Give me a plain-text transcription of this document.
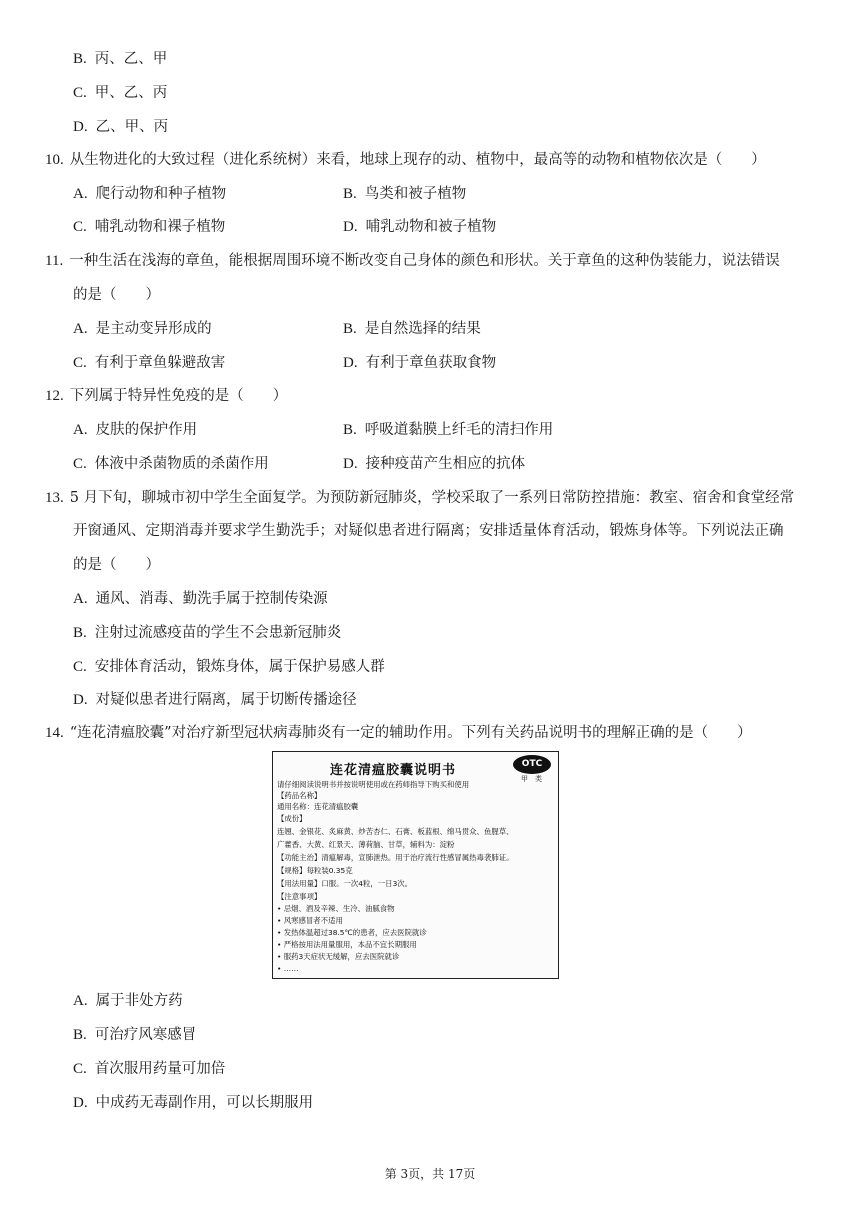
B. 丙、乙、甲
C. 甲、乙、丙
D. 乙、甲、丙
10. 从生物进化的大致过程（进化系统树）来看，地球上现存的动、植物中，最高等的动物和植物依次是（　　）
A. 爬行动物和种子植物	B. 鸟类和被子植物
C. 哺乳动物和裸子植物	D. 哺乳动物和被子植物
11. 一种生活在浅海的章鱼，能根据周围环境不断改变自己身体的颜色和形状。关于章鱼的这种伪装能力，说法错误
的是（　　）
A. 是主动变异形成的	B. 是自然选择的结果
C. 有利于章鱼躲避敌害	D. 有利于章鱼获取食物
12. 下列属于特异性免疫的是（　　）
A. 皮肤的保护作用	B. 呼吸道黏膜上纤毛的清扫作用
C. 体液中杀菌物质的杀菌作用	D. 接种疫苗产生相应的抗体
13. 5 月下旬，聊城市初中学生全面复学。为预防新冠肺炎，学校采取了一系列日常防控措施：教室、宿舍和食堂经常
开窗通风、定期消毒并要求学生勤洗手；对疑似患者进行隔离；安排适量体育活动，锻炼身体等。下列说法正确
的是（　　）
A. 通风、消毒、勤洗手属于控制传染源
B. 注射过流感疫苗的学生不会患新冠肺炎
C. 安排体育活动，锻炼身体，属于保护易感人群
D. 对疑似患者进行隔离，属于切断传播途径
14. “连花清瘟胶囊”对治疗新型冠状病毒肺炎有一定的辅助作用。下列有关药品说明书的理解正确的是（　　）
连花清瘟胶囊说明书	OTC
甲　类
请仔细阅读说明书并按说明使用或在药师指导下购买和使用
【药品名称】
通用名称：连花清瘟胶囊
【成份】
连翘、金银花、炙麻黄、炒苦杏仁、石膏、板蓝根、绵马贯众、鱼腥草、
广藿香、大黄、红景天、薄荷脑、甘草，辅料为：淀粉
【功能主治】清瘟解毒，宣肺泄热。用于治疗流行性感冒属热毒袭肺证。
【规格】每粒装0.35克
【用法用量】口服。一次4粒，一日3次。
【注意事项】
• 忌烟、酒及辛辣、生冷、油腻食物
• 风寒感冒者不适用
• 发热体温超过38.5℃的患者，应去医院就诊
• 严格按用法用量服用，本品不宜长期服用
• 服药3天症状无缓解，应去医院就诊
• ……
A. 属于非处方药
B. 可治疗风寒感冒
C. 首次服用药量可加倍
D. 中成药无毒副作用，可以长期服用
第 3页，共 17页
